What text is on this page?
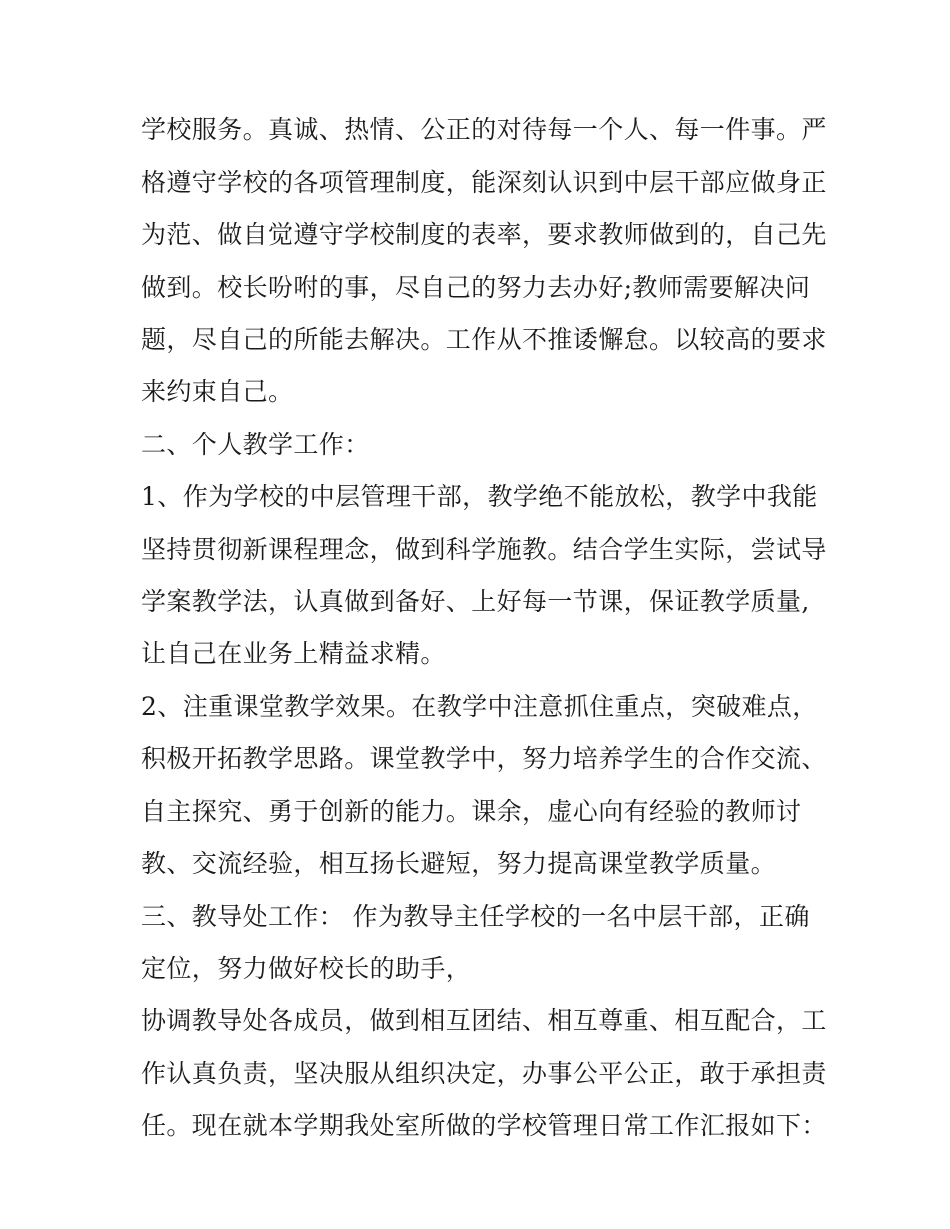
学校服务。真诚、热情、公正的对待每一个人、每一件事。严
格遵守学校的各项管理制度，能深刻认识到中层干部应做身正
为范、做自觉遵守学校制度的表率，要求教师做到的，自己先
做到。校长吩咐的事，尽自己的努力去办好;教师需要解决问
题，尽自己的所能去解决。工作从不推诿懈怠。以较高的要求
来约束自己。
二、个人教学工作：
1、作为学校的中层管理干部，教学绝不能放松，教学中我能
坚持贯彻新课程理念，做到科学施教。结合学生实际，尝试导
学案教学法，认真做到备好、上好每一节课，保证教学质量,
让自己在业务上精益求精。
2、注重课堂教学效果。在教学中注意抓住重点，突破难点，
积极开拓教学思路。课堂教学中，努力培养学生的合作交流、
自主探究、勇于创新的能力。课余，虚心向有经验的教师讨
教、交流经验，相互扬长避短，努力提高课堂教学质量。
三、教导处工作： 作为教导主任学校的一名中层干部，正确
定位，努力做好校长的助手，
协调教导处各成员，做到相互团结、相互尊重、相互配合，工
作认真负责，坚决服从组织决定，办事公平公正，敢于承担责
任。现在就本学期我处室所做的学校管理日常工作汇报如下：
